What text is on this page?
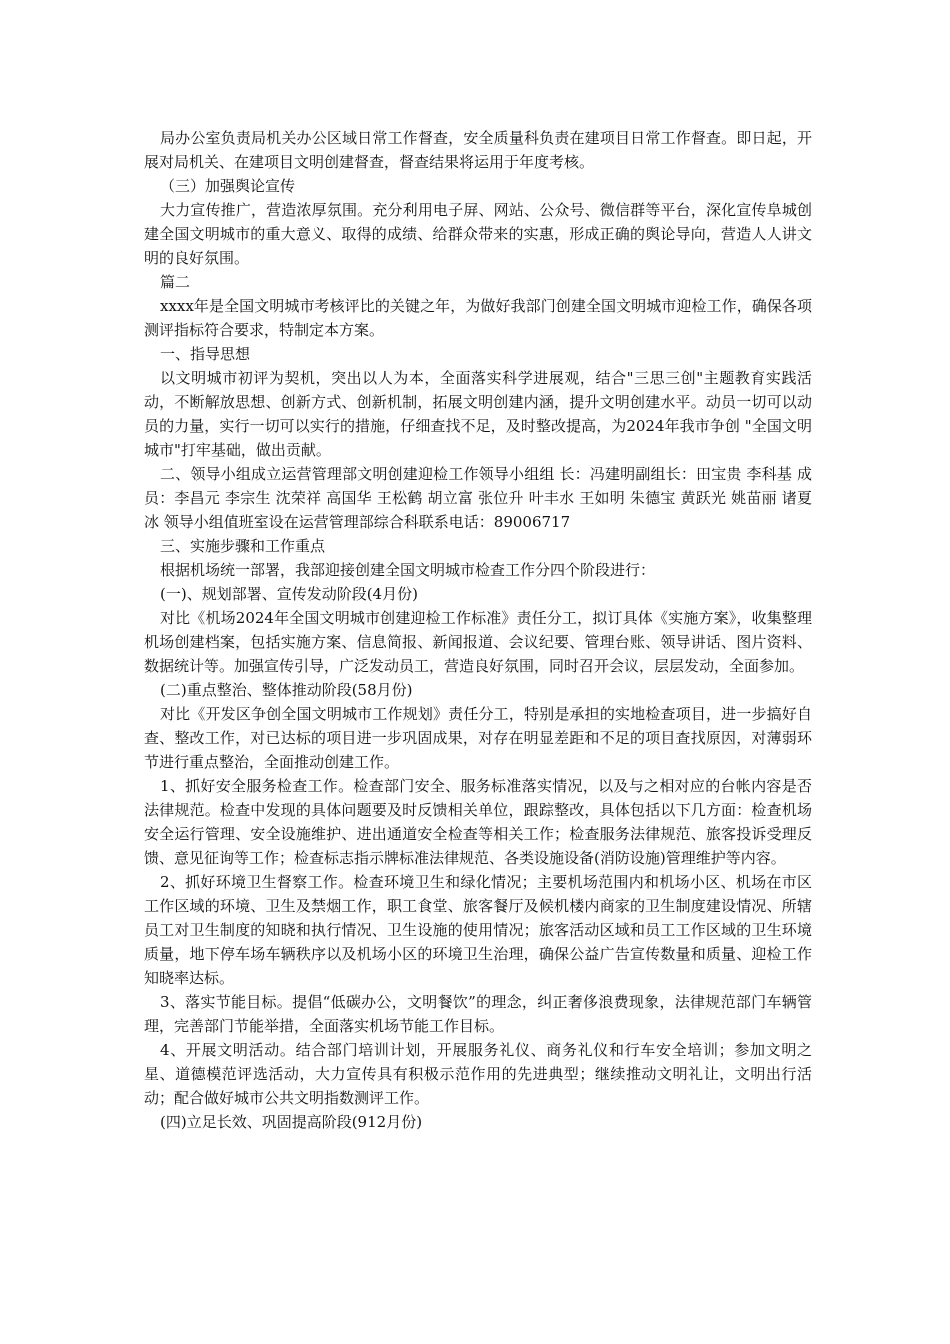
局办公室负责局机关办公区域日常工作督查，安全质量科负责在建项目日常工作督查。即日起，开展对局机关、在建项目文明创建督查，督查结果将运用于年度考核。

（三）加强舆论宣传

大力宣传推广，营造浓厚氛围。充分利用电子屏、网站、公众号、微信群等平台，深化宣传阜城创建全国文明城市的重大意义、取得的成绩、给群众带来的实惠，形成正确的舆论导向，营造人人讲文明的良好氛围。

篇二

xxxx年是全国文明城市考核评比的关键之年，为做好我部门创建全国文明城市迎检工作，确保各项测评指标符合要求，特制定本方案。

一、指导思想

以文明城市初评为契机，突出以人为本，全面落实科学进展观，结合"三思三创"主题教育实践活动，不断解放思想、创新方式、创新机制，拓展文明创建内涵，提升文明创建水平。动员一切可以动员的力量，实行一切可以实行的措施，仔细查找不足，及时整改提高，为2024年我市争创 "全国文明城市"打牢基础，做出贡献。

二、领导小组成立运营管理部文明创建迎检工作领导小组组 长：冯建明副组长：田宝贵 李科基 成 员：李昌元 李宗生 沈荣祥 高国华 王松鹤 胡立富 张位升 叶丰水 王如明 朱德宝 黄跃光 姚苗丽 诸夏冰 领导小组值班室设在运营管理部综合科联系电话：89006717

三、实施步骤和工作重点

根据机场统一部署，我部迎接创建全国文明城市检查工作分四个阶段进行：

(一)、规划部署、宣传发动阶段(4月份)

对比《机场2024年全国文明城市创建迎检工作标准》责任分工，拟订具体《实施方案》，收集整理机场创建档案，包括实施方案、信息简报、新闻报道、会议纪要、管理台账、领导讲话、图片资料、数据统计等。加强宣传引导，广泛发动员工，营造良好氛围，同时召开会议，层层发动，全面参加。

(二)重点整治、整体推动阶段(58月份)

对比《开发区争创全国文明城市工作规划》责任分工，特别是承担的实地检查项目，进一步搞好自查、整改工作，对已达标的项目进一步巩固成果，对存在明显差距和不足的项目查找原因，对薄弱环节进行重点整治，全面推动创建工作。

1、抓好安全服务检查工作。检查部门安全、服务标准落实情况，以及与之相对应的台帐内容是否法律规范。检查中发现的具体问题要及时反馈相关单位，跟踪整改，具体包括以下几方面：检查机场安全运行管理、安全设施维护、进出通道安全检查等相关工作；检查服务法律规范、旅客投诉受理反馈、意见征询等工作；检查标志指示牌标准法律规范、各类设施设备(消防设施)管理维护等内容。

2、抓好环境卫生督察工作。检查环境卫生和绿化情况；主要机场范围内和机场小区、机场在市区工作区域的环境、卫生及禁烟工作，职工食堂、旅客餐厅及候机楼内商家的卫生制度建设情况、所辖员工对卫生制度的知晓和执行情况、卫生设施的使用情况；旅客活动区域和员工工作区域的卫生环境质量，地下停车场车辆秩序以及机场小区的环境卫生治理，确保公益广告宣传数量和质量、迎检工作知晓率达标。

3、落实节能目标。提倡“低碳办公，文明餐饮”的理念，纠正奢侈浪费现象，法律规范部门车辆管理，完善部门节能举措，全面落实机场节能工作目标。

4、开展文明活动。结合部门培训计划，开展服务礼仪、商务礼仪和行车安全培训；参加文明之星、道德模范评选活动，大力宣传具有积极示范作用的先进典型；继续推动文明礼让，文明出行活动；配合做好城市公共文明指数测评工作。

(四)立足长效、巩固提高阶段(912月份)
